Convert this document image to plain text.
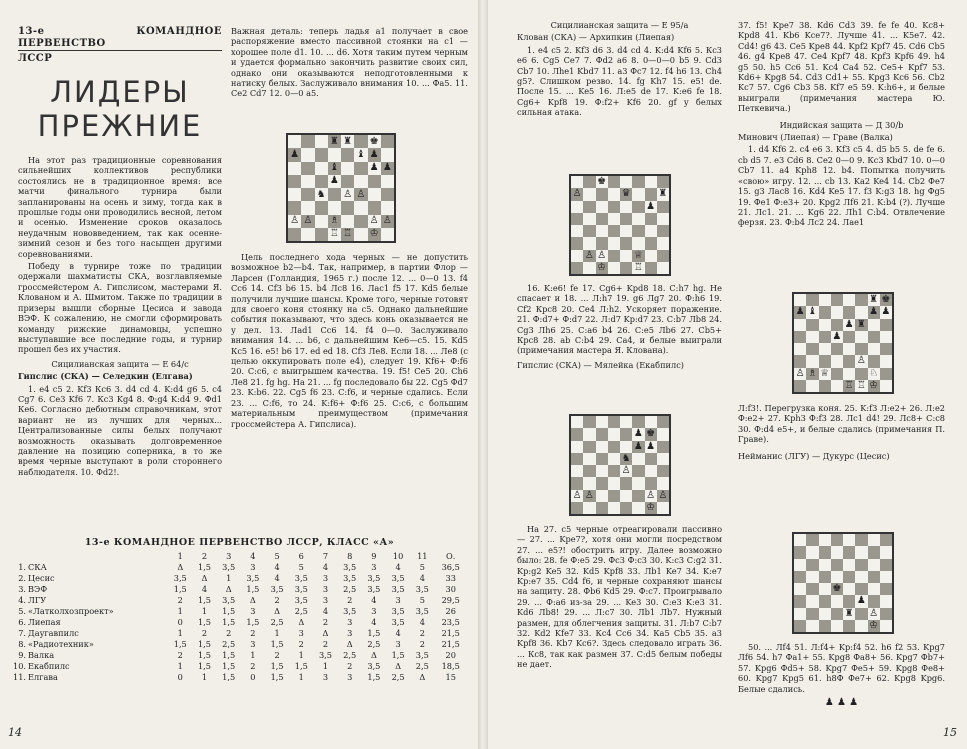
13-е КОМАНДНОЕ ПЕРВЕНСТВО
ЛССР
ЛИДЕРЫ
ПРЕЖНИЕ

На этот раз традиционные соревнования сильнейших коллективов республики состоялись не в традиционное время: все матчи финального турнира были запланированы на осень и зиму, тогда как в прошлые годы они проводились весной, летом и осенью. Изменение сроков оказалось неудачным нововведением, так как осенне-зимний сезон и без того насыщен другими соревнованиями.

Победу в турнире тоже по традиции одержали шахматисты СКА, возглавляемые гроссмейстером А. Гипслисом, мастерами Я. Клованом и А. Шмитом. Также по традиции в призеры вышли сборные Цесиса и завода ВЭФ. К сожалению, не смогли сформировать команду рижские динамовцы, успешно выступавшие все последние годы, и турнир прошел без их участия.

Сицилианская защита — Е 64/с
Гипслис (СКА) — Селедкин (Елгава)

1. е4 с5 2. Kf3 Кс6 3. d4 cd 4. K:d4 g6 5. с4 Cg7 6. Се3 Kf6 7. Кс3 Kg4 8. Ф:g4 K:d4 9. Фd1 Ке6. Согласно дебютным справочникам, этот вариант не из лучших для черных... Централизованные силы белых получают возможность оказывать долговременное давление на позицию соперника, в то же время черные выступают в роли стороннего наблюдателя. 10. Фd2!.

Важная деталь: теперь ладья а1 получает в свое распоряжение вместо пассивной стоянки на с1 — хорошее поле d1. 10. ... d6. Хотя таким путем черным и удается формально закончить развитие своих сил, однако они оказываются неподготовленными к натиску белых. Заслуживало внимания 10. ... Фа5. 11. Се2 Cd7 12. 0—0 а5.

♜ ♜ ♚
♟	♝ ♟
♝	♟ ♟
♟
♞ ♙ ♙
♙ ♙ ♗	♙ ♙
♖ ♖ ♔

Цель последнего хода черных — не допустить возможное b2—b4. Так, например, в партии Флор — Ларсен (Голландия, 1965 г.) после 12. ... 0—0 13. f4 Сс6 14. Cf3 b6 15. b4 Лс8 16. Лас1 f5 17. Kd5 белые получили лучшие шансы. Кроме того, черные готовят для своего коня стоянку на с5. Однако дальнейшие события показывают, что здесь конь оказывается не у дел. 13. Лаd1 Сс6 14. f4 0—0. Заслуживало внимания 14. ... b6, с дальнейшим Ке6—с5. 15. Kd5 Кс5 16. е5! b6 17. ed еd 18. Cf3 Ле8. Если 18. ... Ле8 (с целью оккупировать поле е4), следует 19. Kf6+ Ф:f6 20. С:с6, с выигрышем качества. 19. f5! Се5 20. Ch6 Ле8 21. fg hg. На 21. ... fg последовало бы 22. Cg5 Фd7 23. K:b6. 22. Cg5 f6 23. C:f6, и черные сдались. Если 23. ... С:f6, то 24. K:f6+ Ф:f6 25. С:с6, с большим материальным преимуществом (примечания гроссмейстера А. Гипслиса).

13-е КОМАНДНОЕ ПЕРВЕНСТВО ЛССР, КЛАСС «А»
		1	2	3	4	5	6	7	8	9	10	11	О.
1.	СКА	Δ	1,5	3,5	3	4	5	4	3,5	3	4	5	36,5
2.	Цесис	3,5	Δ	1	3,5	4	3,5	3	3,5	3,5	3,5	4	33
3.	ВЭФ	1,5	4	Δ	1,5	3,5	3,5	3	2,5	3,5	3,5	3,5	30
4.	ЛГУ	2	1,5	3,5	Δ	2	3,5	3	2	4	3	5	29,5
5.	«Латколхозпроект»	1	1	1,5	3	Δ	2,5	4	3,5	3	3,5	3,5	26
6.	Лиепая	0	1,5	1,5	1,5	2,5	Δ	2	3	4	3,5	4	23,5
7.	Даугавпилс	1	2	2	2	1	3	Δ	3	1,5	4	2	21,5
8.	«Радиотехник»	1,5	1,5	2,5	3	1,5	2	2	Δ	2,5	3	2	21,5
9.	Валка	2	1,5	1,5	1	2	1	3,5	2,5	Δ	1,5	3,5	20
10.	Екабпилс	1	1,5	1,5	2	1,5	1,5	1	2	3,5	Δ	2,5	18,5
11.	Елгава	0	1	1,5	0	1,5	1	3	3	1,5	2,5	Δ	15
14
Сицилианская защита — Е 95/а
Клован (СКА) — Архипкин (Лиепая)

1. е4 с5 2. Kf3 d6 3. d4 cd 4. K:d4 Kf6 5. Кс3 е6 6. Cg5 Се7 7. Фd2 а6 8. 0—0—0 b5 9. Cd3 Cb7 10. Лhe1 Kbd7 11. а3 Фс7 12. f4 h6 13. Ch4 g5?. Слишком резво. 14. fg Kh7 15. е5! de. После 15. ... Ke5 16. Л:e5 de 17. K:e6 fe 18. Cg6+ Kpf8 19. Ф:f2+ Kf6 20. gf у белых сильная атака.

♚
♙	♛	♜
♟
♙ ♙	♕
♔	♖

16. K:e6! fe 17. Cg6+ Kpd8 18. C:h7 hg. Не спасает и 18. ... Л:h7 19. g6 Лg7 20. Ф:h6 19. Cf2 Крс8 20. Се4 Л:h2. Ускоряет поражение. 21. Ф:d7+ Ф:d7 22. Л:d7 Kp:d7 23. C:b7 Лb8 24. Cg3 Лh6 25. C:a6 b4 26. C:e5 Лb6 27. Cb5+ Крс8 28. ab C:b4 29. Ca4, и белые выиграли (примечания мастера Я. Клована).

Гипслис (СКА) — Мялейка (Екабпилс)
♟ ♚
♟ ♟
♞
♙
♙ ♙	♙ ♙
♔

На 27. с5 черные отреагировали пассивно — 27. ... Kpe7?, хотя они могли посредством 27. ... е5?! обострить игру. Далее возможно было: 28. fe Ф:e5 29. Фс3 Ф:с3 30. K:c3 C:g2 31. Kp:g2 Ke5 32. Kd5 Kpf8 33. Лb1 Ke7 34. K:e7 Kp:e7 35. Cd4 f6, и черные сохраняют шансы на защиту. 28. Фb6 Kd5 29. Ф:с7. Проигрывало 29. ... Ф:a6 из-за 29. ... Ke3 30. C:e3 K:e3 31. Kd6 Лb8! 29. ... Л:c7 30. Лb1 Лb7. Нужный размен, для облегчения защиты. 31. Л:b7 C:b7 32. Kd2 Kfe7 33. Кс4 Сс6 34. Ка5 Cb5 35. а3 Kpf8 36. Kb7 Kc6?. Здесь следовало играть 36. ... Кс8, так как размен 37. C:d5 белым победы не дает.

37. f5! Kpe7 38. Kd6 Cd3 39. fe fe 40. Kc8+ Kpd8 41. Kb6 Kce7?. Лучше 41. ... K5e7. 42. Cd4! g6 43. Ce5 Kpe8 44. Kpf2 Kpf7 45. Cd6 Cb5 46. g4 Kpe8 47. Ce4 Kpf7 48. Kpf3 Kpf6 49. h4 g5 50. h5 Cc6 51. Kc4 Ca4 52. Ce5+ Kpf7 53. Kd6+ Kpg8 54. Cd3 Cd1+ 55. Kpg3 Kc6 56. Cb2 Kc7 57. Cg6 Cb3 58. Kf7 e5 59. K:h6+, и белые выиграли (примечания мастера Ю. Петкевича.)

Индийская защита — Д 30/b
Минович (Лиепая) — Граве (Валка)

1. d4 Kf6 2. с4 е6 3. Kf3 с5 4. d5 b5 5. de fe 6. cb d5 7. е3 Cd6 8. Се2 0—0 9. Кс3 Kbd7 10. 0—0 Cb7 11. а4 Kph8 12. b4. Попытка получить «свою» игру. 12. ... cb 13. Ka2 Ke4 14. Cb2 Фe7 15. g3 Лас8 16. Kd4 Ke5 17. f3 K:g3 18. hg Фg5 19. Фe1 Ф:e3+ 20. Kpg2 Лf6 21. K:b4 (?). Лучше 21. Лс1. 21. ... Kg6 22. Лh1 C:b4. Отвлечение ферзя. 23. Ф:b4 Лс2 24. Лае1

♜ ♚
♟ ♝	♟ ♟
♟ ♜
♟
♙
♙ ♗ ♕	♘
♖ ♖ ♔

Л:f3!. Перегрузка коня. 25. K:f3 Л:e2+ 26. Л:e2 Ф:e2+ 27. Kph3 Ф:f3 28. Лс1 d4! 29. Лс8+ С:c8 30. Ф:d4 e5+, и белые сдались (примечания П. Граве).

Нейманис (ЛГУ) — Дукурс (Цесис)
♚
♟
♜ ♙
♔

50. ... Лf4 51. Л:f4+ Kp:f4 52. h6 f2 53. Kpg7 Лf6 54. h7 Фa1+ 55. Kpg8 Фa8+ 56. Kpg7 Фb7+ 57. Kpg6 Фd5+ 58. Kpg7 Фe5+ 59. Kpg8 Фe8+ 60. Kpg7 Kpg5 61. h8Ф Фe7+ 62. Kpg8 Kpg6. Белые сдались.

♟ ♟ ♟
15
